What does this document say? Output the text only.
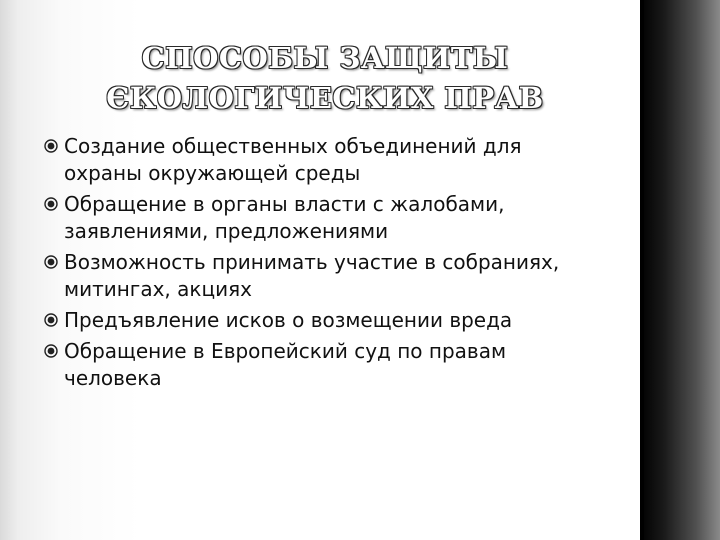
СПОСОБЫ ЗАЩИТЫ
ЄКОЛОГИЧЕСКИХ ПРАВ
Создание общественных объединений для охраны окружающей среды
Обращение в органы власти с жалобами, заявлениями, предложениями
Возможность принимать участие в собраниях, митингах, акциях
Предъявление исков о возмещении вреда
Обращение в Европейский суд по правам человека
